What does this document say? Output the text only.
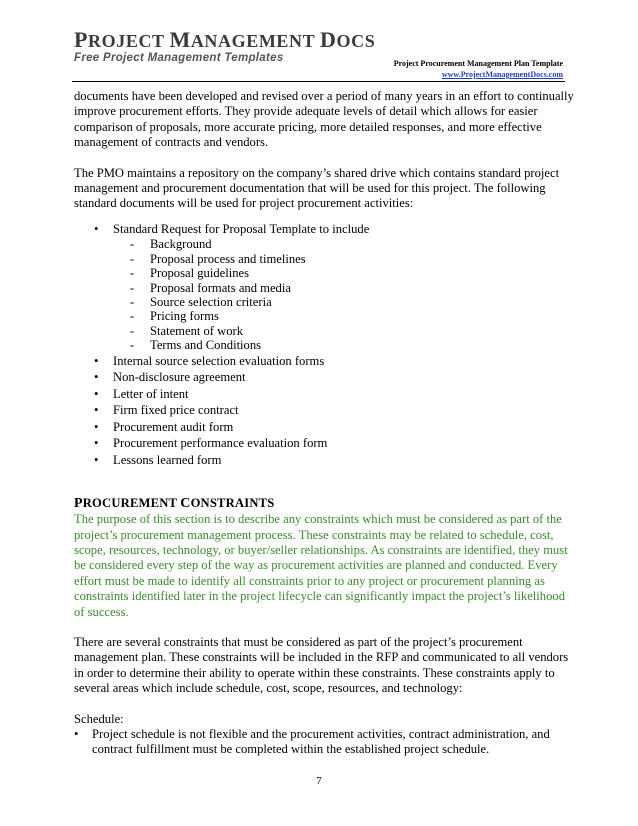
PROJECT MANAGEMENT DOCS
Free Project Management Templates	Project Procurement Management Plan Template
www.ProjectManagementDocs.com

documents have been developed and revised over a period of many years in an effort to continually improve procurement efforts. They provide adequate levels of detail which allows for easier comparison of proposals, more accurate pricing, more detailed responses, and more effective management of contracts and vendors.

The PMO maintains a repository on the company’s shared drive which contains standard project management and procurement documentation that will be used for this project. The following standard documents will be used for project procurement activities:

• Standard Request for Proposal Template to include
- Background
- Proposal process and timelines
- Proposal guidelines
- Proposal formats and media
- Source selection criteria
- Pricing forms
- Statement of work
- Terms and Conditions
• Internal source selection evaluation forms
• Non-disclosure agreement
• Letter of intent
• Firm fixed price contract
• Procurement audit form
• Procurement performance evaluation form
• Lessons learned form
PROCUREMENT CONSTRAINTS

The purpose of this section is to describe any constraints which must be considered as part of the project’s procurement management process. These constraints may be related to schedule, cost, scope, resources, technology, or buyer/seller relationships. As constraints are identified, they must be considered every step of the way as procurement activities are planned and conducted. Every effort must be made to identify all constraints prior to any project or procurement planning as constraints identified later in the project lifecycle can significantly impact the project’s likelihood of success.

There are several constraints that must be considered as part of the project’s procurement management plan. These constraints will be included in the RFP and communicated to all vendors in order to determine their ability to operate within these constraints. These constraints apply to several areas which include schedule, cost, scope, resources, and technology:

Schedule:

• Project schedule is not flexible and the procurement activities, contract administration, and contract fulfillment must be completed within the established project schedule.
7
